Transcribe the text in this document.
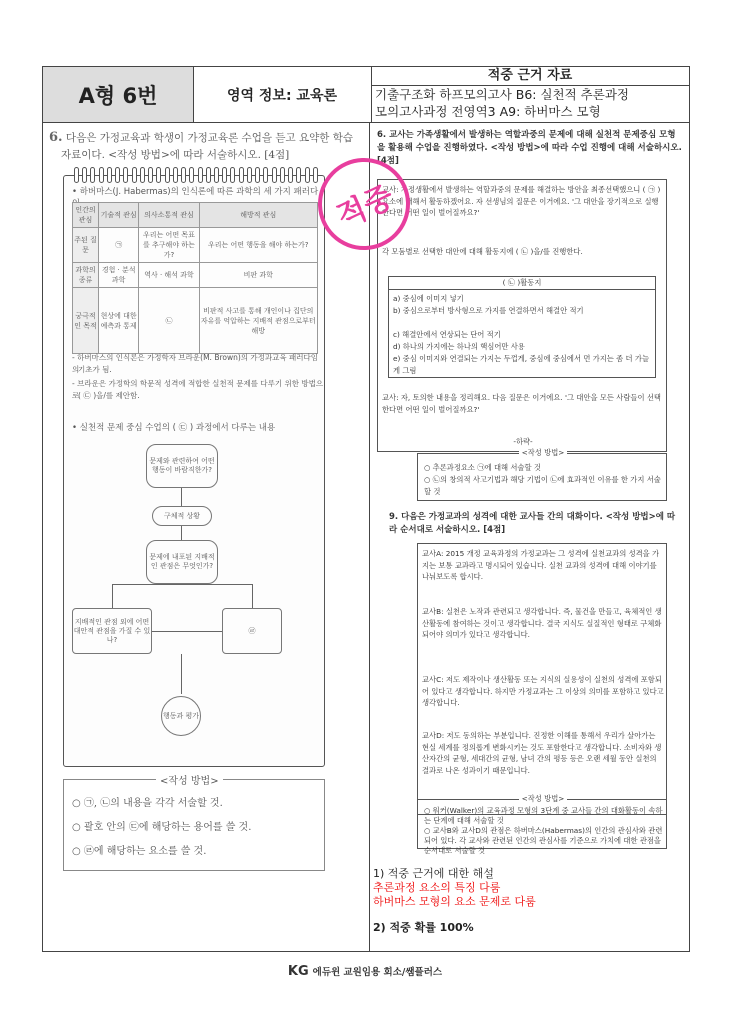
A형 6번	영역 정보: 교육론
적중 근거 자료
기출구조화 하프모의고사 B6: 실천적 추론과정
모의고사과정 전영역3 A9: 하버마스 모형
6. 다음은 가정교육과 학생이 가정교육론 수업을 듣고 요약한 학습
자료이다. <작성 방법>에 따라 서술하시오. [4점]
• 하버마스(J. Habermas)의 인식론에 따른 과학의 세 가지 패러다
인간의 관심	기술적 관심	의사소통적 관심	해방적 관심
주된 질문	㉠	우리는 어떤 목표를 추구해야 하는가?	우리는 어떤 행동을 해야 하는가?
과학의 종류	경험 · 분석 과학	역사 · 해석 과학	비판 과학
궁극적인 목적	현상에 대한 예측과 통제	㉡	비판적 사고를 통해 개인이나 집단의 자유를 억압하는 지배적 관점으로부터 해방
- 하버마스의 인식론은 가정학자 브라운(M. Brown)의 가정과교육 패러다임의
기초가 됨.
- 브라운은 가정학의 학문적 성격에 적합한 실천적 문제를 다루기 위한 방법으로
( ㉢ )을/를 제안함.
• 실천적 문제 중심 수업의 ( ㉢ ) 과정에서 다루는 내용
문제와 관련하여 어떤 행동이 바람직한가?
구체적 상황
문제에 내포된 지배적인 관점은 무엇인가?
지배적인 관점 외에 어떤 대안적 관점을 가질 수 있나?
㉣
행동과 평가
<작성 방법>
○ ㉠, ㉡의 내용을 각각 서술할 것.
○ 괄호 안의 ㉢에 해당하는 용어를 쓸 것.
○ ㉣에 해당하는 요소를 쓸 것.
6. 교사는 가족생활에서 발생하는 역할과중의 문제에 대해 실천적 문제중심 모형을 활용해 수업을 진행하였다. <작성 방법>에 따라 수업 진행에 대해 서술하시오.[4점]
교사: 가정생활에서 발생하는 역할과중의 문제를 해결하는 방안을 최종선택했으니 ( ㉠ ) 요소에 대해서 활동하겠어요. 자 선생님의 질문은 이거에요. '그 대안을 장기적으로 실행한다면 어떤 일이 벌어질까요?'
각 모둠별로 선택한 대안에 대해 활동지에 ( ㉡ )을/를 진행한다.
( ㉡ )활동지
a) 중심에 이미지 넣기
b) 중심으로부터 방사형으로 가지를 연결하면서 해결안 적기
c) 해결안에서 연상되는 단어 적기
d) 하나의 가지에는 하나의 핵심어만 사용
e) 중심 이미지와 연결되는 가지는 두껍게, 중심에 중심에서 먼 가지는 좀 더 가늘게 그림
교사: 자, 토의한 내용을 정리해요. 다음 질문은 이거에요. '그 대안을 모든 사람들이 선택한다면 어떤 일이 벌어질까요?'
-하략-
<작성 방법>
○ 추론과정요소 ㉠에 대해 서술할 것
○ ㉡의 창의적 사고기법과 해당 기법이 ㉡에 효과적인 이유를 한 가지 서술할 것
9. 다음은 가정교과의 성격에 대한 교사들 간의 대화이다. <작성 방법>에 따라 순서대로 서술하시오. [4점]
교사A: 2015 개정 교육과정의 가정교과는 그 성격에 실천교과의 성격을 가지는 보통 교과라고 명시되어 있습니다. 실천 교과의 성격에 대해 이야기를 나눠보도록 합시다.
교사B: 실천은 노작과 관련되고 생각합니다. 즉, 물건을 만들고, 육체적인 생산활동에 참여하는 것이고 생각합니다. 결국 지식도 실질적인 형태로 구체화되어야 의미가 있다고 생각합니다.
교사C: 저도 제작이나 생산활동 또는 지식의 실용성이 실천의 성격에 포함되어 있다고 생각합니다. 하지만 가정교과는 그 이상의 의미를 포함하고 있다고 생각합니다.
교사D: 저도 동의하는 부분입니다. 진정한 이해를 통해서 우리가 살아가는 현실 세계를 정의롭게 변화시키는 것도 포함한다고 생각합니다. 소비자와 생산자간의 균형, 세대간의 균형, 남녀 간의 평등 등은 오랜 세월 동안 실천의 결과로 나온 성과이기 때문입니다.
<작성 방법>
○ 워커(Walker)의 교육과정 모형의 3단계 중 교사들 간의 대화활동이 속하는 단계에 대해 서술할 것
○ 교사B와 교사D의 관점은 하버마스(Habermas)의 인간의 관심사와 관련되어 있다. 각 교사와 관련된 인간의 관심사를 기준으로 가치에 대한 관점을 순서대로 서술할 것
1) 적중 근거에 대한 해설
추론과정 요소의 특징 다룸
하버마스 모형의 요소 문제로 다룸
2) 적중 확률 100%
적중
KG 에듀윈 교원임용 회소/쌤플러스
